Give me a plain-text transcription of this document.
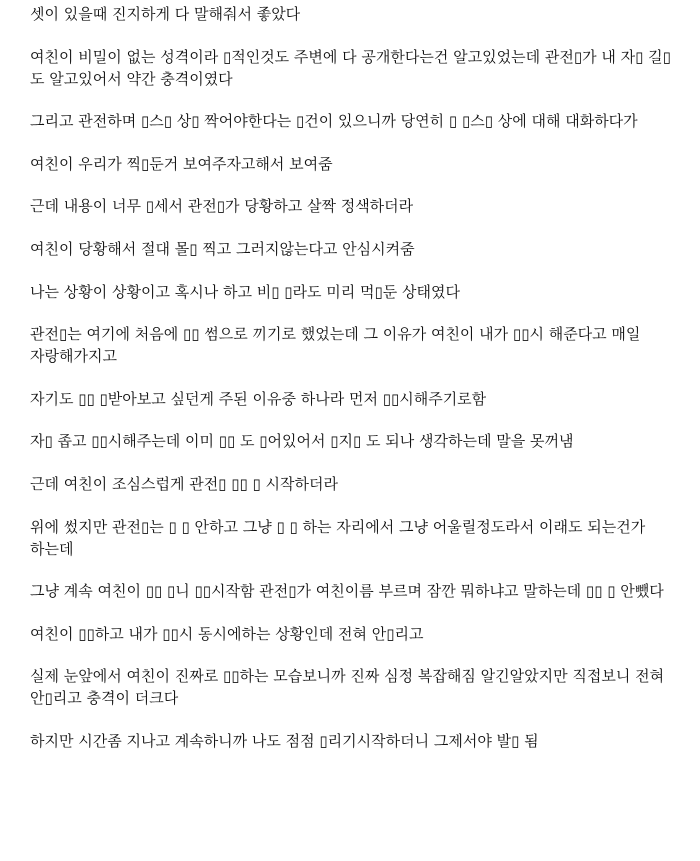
셋이 있을때 진지하게 다 말해줘서 좋았다

여친이 비밀이 없는 성격이라 ▯적인것도 주변에 다 공개한다는건 알고있었는데 관전▯가 내 자▯ 길▯ 도 알고있어서 약간 충격이였다

그리고 관전하며 ▯스▯ 상▯ 짝어야한다는 ▯건이 있으니까 당연히 ▯ ▯스▯ 상에 대해 대화하다가

여친이 우리가 찍▯둔거 보여주자고해서 보여줌

근데 내용이 너무 ▯세서 관전▯가 당황하고 살짝 정색하더라

여친이 당황해서 절대 몰▯ 찍고 그러지않는다고 안심시켜줌

나는 상황이 상황이고 혹시나 하고 비▯ ▯라도 미리 먹▯둔 상태였다

관전▯는 여기에 처음에 ▯▯ 썸으로 끼기로 했었는데 그 이유가 여친이 내가 ▯▯시 해준다고 매일 자랑해가지고

자기도 ▯▯ ▯받아보고 싶던게 주된 이유중 하나라 먼저 ▯▯시해주기로함

자▯ 좁고 ▯▯시해주는데 이미 ▯▯ 도 ▯어있어서 ▯지▯ 도 되나 생각하는데 말을 못꺼냄

근데 여친이 조심스럽게 관전▯ ▯▯ ▯ 시작하더라

위에 썼지만 관전▯는 ▯ ▯ 안하고 그냥 ▯ ▯ 하는 자리에서 그냥 어울릴정도라서 이래도 되는건가 하는데

그냥 계속 여친이 ▯▯ ▯니 ▯▯시작함 관전▯가 여친이름 부르며 잠깐 뭐하냐고 말하는데 ▯▯ ▯ 안뺐다

여친이 ▯▯하고 내가 ▯▯시 동시에하는 상황인데 전혀 안▯리고

실제 눈앞에서 여친이 진짜로 ▯▯하는 모습보니까 진짜 심정 복잡해짐 알긴알았지만 직접보니 전혀 안▯리고 충격이 더크다

하지만 시간좀 지나고 계속하니까 나도 점점 ▯리기시작하더니 그제서야 발▯ 됨
